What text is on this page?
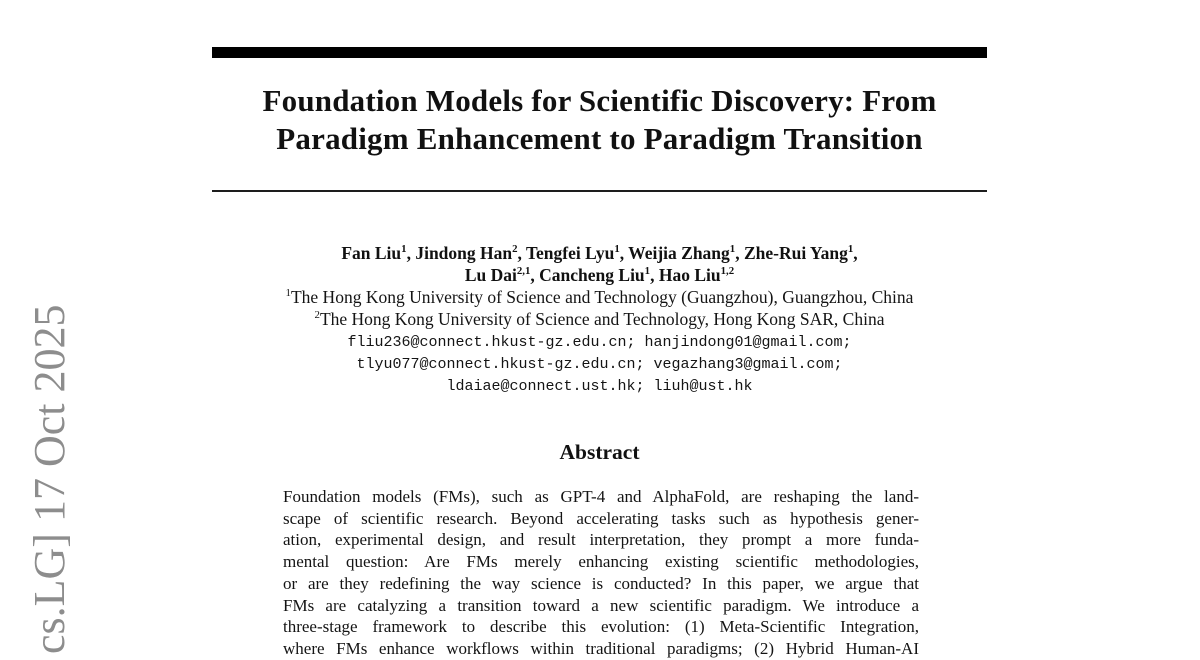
cs.LG] 17 Oct 2025
Foundation Models for Scientific Discovery: From
Paradigm Enhancement to Paradigm Transition
Fan Liu$^1$, Jindong Han$^2$, Tengfei Lyu$^1$, Weijia Zhang$^1$, Zhe-Rui Yang$^1$,
Lu Dai$^{2,1}$, Cancheng Liu$^1$, Hao Liu$^{1,2}$
$^1$The Hong Kong University of Science and Technology (Guangzhou), Guangzhou, China
$^2$The Hong Kong University of Science and Technology, Hong Kong SAR, China
fliu236@connect.hkust-gz.edu.cn; hanjindong01@gmail.com;
tlyu077@connect.hkust-gz.edu.cn; vegazhang3@gmail.com;
ldaiae@connect.ust.hk; liuh@ust.hk
Abstract
Foundation models (FMs), such as GPT-4 and AlphaFold, are reshaping the land-
scape of scientific research. Beyond accelerating tasks such as hypothesis gener-
ation, experimental design, and result interpretation, they prompt a more funda-
mental question: Are FMs merely enhancing existing scientific methodologies,
or are they redefining the way science is conducted? In this paper, we argue that
FMs are catalyzing a transition toward a new scientific paradigm. We introduce a
three-stage framework to describe this evolution: (1) Meta-Scientific Integration,
where FMs enhance workflows within traditional paradigms; (2) Hybrid Human-AI
